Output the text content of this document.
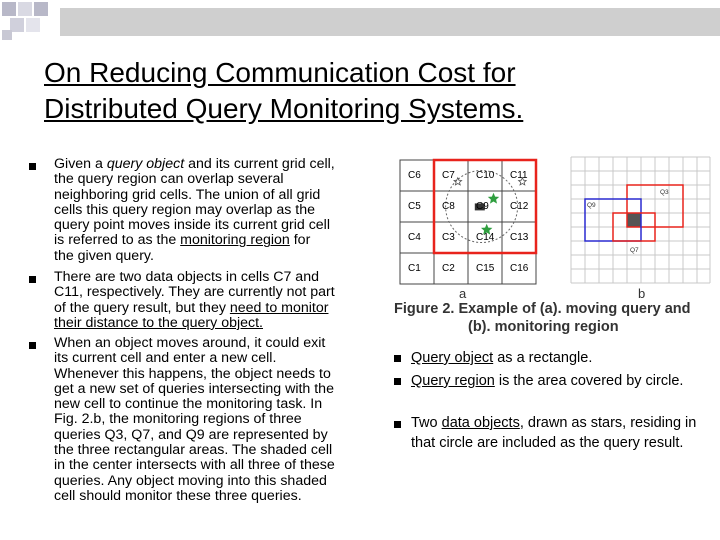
On Reducing Communication Cost for
Distributed Query Monitoring Systems.
Given a query object and its current grid cell,
the query region can overlap several
neighboring grid cells. The union of all grid
cells this query region may overlap as the
query point moves inside its current grid cell
is referred to as the monitoring region for
the given query.
There are two data objects in cells C7 and
C11, respectively. They are currently not part
of the query result, but they need to monitor
their distance to the query object.
When an object moves around, it could exit
its current cell and enter a new cell.
Whenever this happens, the object needs to
get a new set of queries intersecting with the
new cell to continue the monitoring task. In
Fig. 2.b, the monitoring regions of three
queries Q3, Q7, and Q9 are represented by
the three rectangular areas. The shaded cell
in the center intersects with all three of these
queries. Any object moving into this shaded
cell should monitor these three queries.
C6 C7 C10 C11
C5 C8 C9 C12
C4 C3 C14 C13
C1 C2 C15 C16
Q3
Q9
Q7
a	b
Figure 2. Example of (a). moving query and
(b). monitoring region
Query object as a rectangle.
Query region is the area covered by circle.
Two data objects, drawn as stars, residing in that circle are included as the query result.
